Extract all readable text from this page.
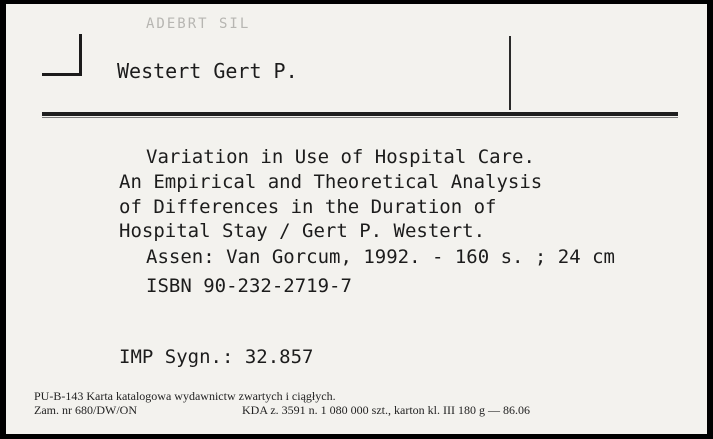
ADEBRT SIL
Westert Gert P.
Variation in Use of Hospital Care.
An Empirical and Theoretical Analysis
of Differences in the Duration of
Hospital Stay / Gert P. Westert.
Assen: Van Gorcum, 1992. - 160 s. ; 24 cm
ISBN 90-232-2719-7
IMP Sygn.: 32.857
PU-B-143 Karta katalogowa wydawnictw zwartych i ciągłych.
Zam. nr 680/DW/ON	KDA z. 3591 n. 1 080 000 szt., karton kl. III 180 g — 86.06
